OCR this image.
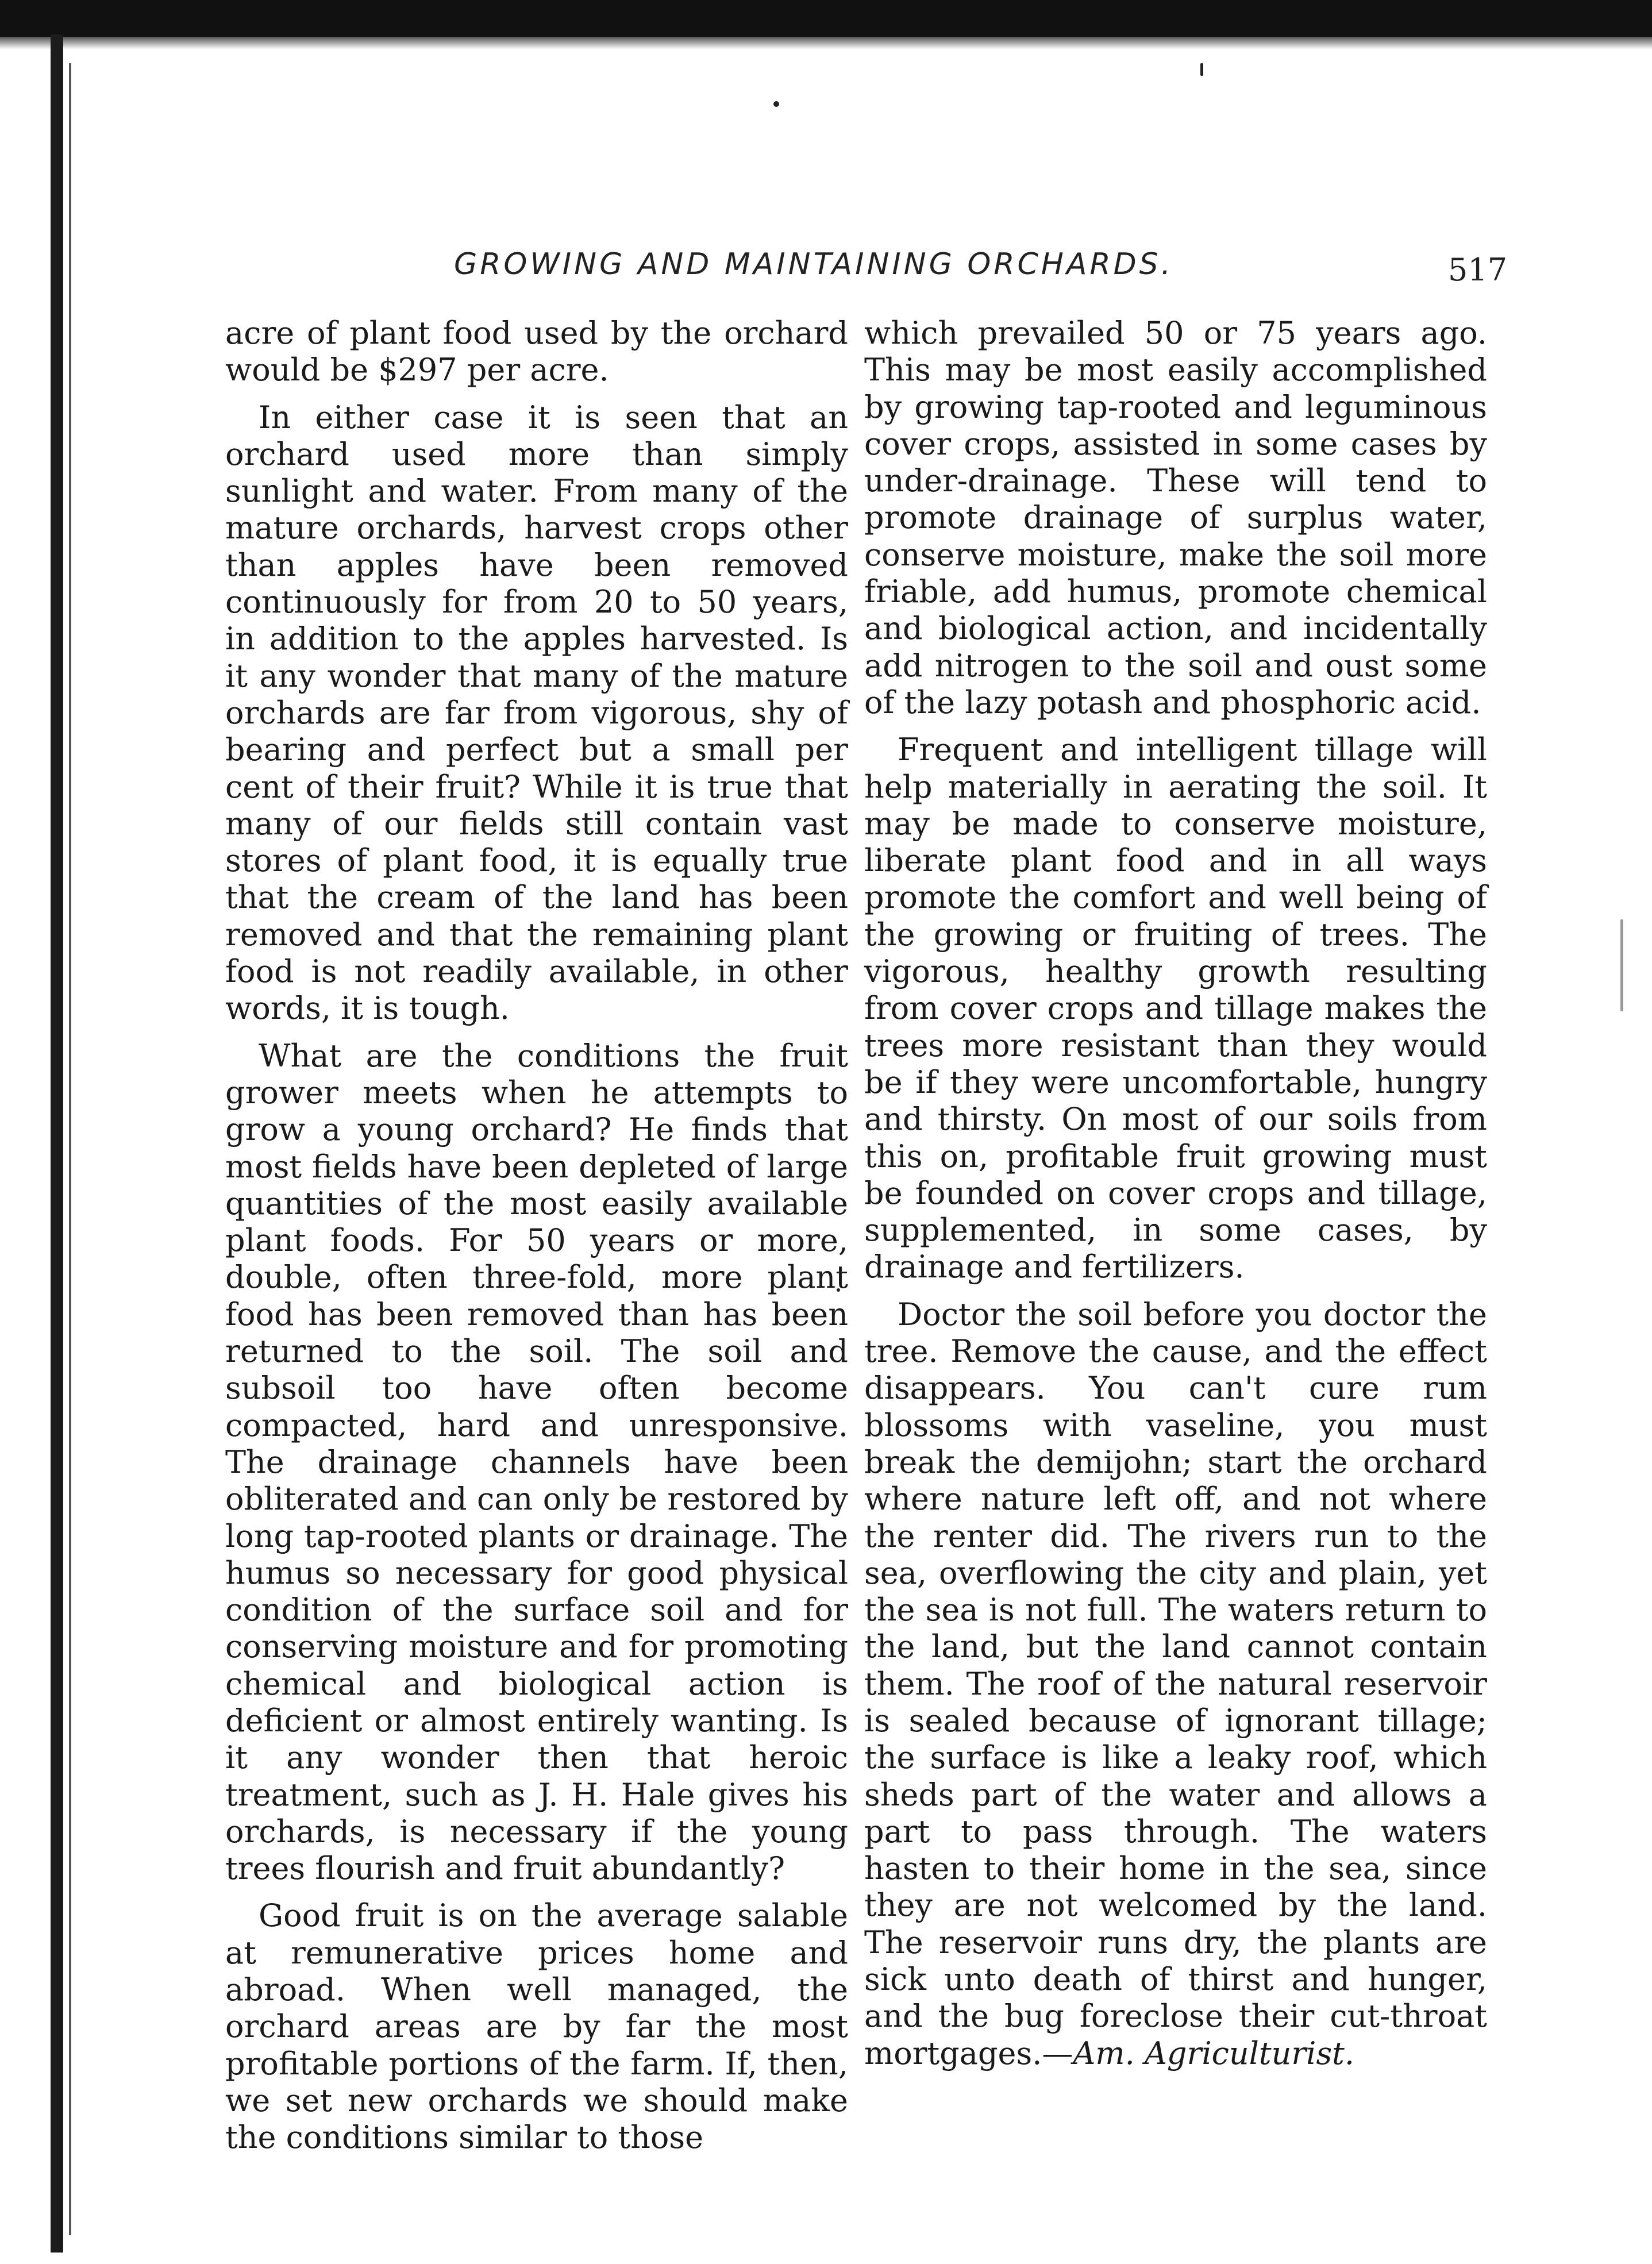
GROWING AND MAINTAINING ORCHARDS.	517

acre of plant food used by the orchard would be $297 per acre.

In either case it is seen that an orchard used more than simply sunlight and water. From many of the mature orchards, harvest crops other than apples have been removed continuously for from 20 to 50 years, in addition to the apples harvested. Is it any wonder that many of the mature orchards are far from vigorous, shy of bearing and perfect but a small per cent of their fruit? While it is true that many of our fields still contain vast stores of plant food, it is equally true that the cream of the land has been removed and that the remaining plant food is not readily available, in other words, it is tough.

What are the conditions the fruit grower meets when he attempts to grow a young orchard? He finds that most fields have been depleted of large quantities of the most easily available plant foods. For 50 years or more, double, often three-fold, more plant food has been removed than has been returned to the soil. The soil and subsoil too have often become compacted, hard and unresponsive. The drainage channels have been obliterated and can only be restored by long tap-rooted plants or drainage. The humus so necessary for good physical condition of the surface soil and for conserving moisture and for promoting chemical and biological action is deficient or almost entirely wanting. Is it any wonder then that heroic treatment, such as J. H. Hale gives his orchards, is necessary if the young trees flourish and fruit abundantly?

Good fruit is on the average salable at remunerative prices home and abroad. When well managed, the orchard areas are by far the most profitable portions of the farm. If, then, we set new orchards we should make the conditions similar to those

which prevailed 50 or 75 years ago. This may be most easily accomplished by growing tap-rooted and leguminous cover crops, assisted in some cases by under-drainage. These will tend to promote drainage of surplus water, conserve moisture, make the soil more friable, add humus, promote chemical and biological action, and incidentally add nitrogen to the soil and oust some of the lazy potash and phosphoric acid.

Frequent and intelligent tillage will help materially in aerating the soil. It may be made to conserve moisture, liberate plant food and in all ways promote the comfort and well being of the growing or fruiting of trees. The vigorous, healthy growth resulting from cover crops and tillage makes the trees more resistant than they would be if they were uncomfortable, hungry and thirsty. On most of our soils from this on, profitable fruit growing must be founded on cover crops and tillage, supplemented, in some cases, by drainage and fertilizers.

Doctor the soil before you doctor the tree. Remove the cause, and the effect disappears. You can't cure rum blossoms with vaseline, you must break the demijohn; start the orchard where nature left off, and not where the renter did. The rivers run to the sea, overflowing the city and plain, yet the sea is not full. The waters return to the land, but the land cannot contain them. The roof of the natural reservoir is sealed because of ignorant tillage; the surface is like a leaky roof, which sheds part of the water and allows a part to pass through. The waters hasten to their home in the sea, since they are not welcomed by the land. The reservoir runs dry, the plants are sick unto death of thirst and hunger, and the bug foreclose their cut-throat mortgages.—Am. Agriculturist.
